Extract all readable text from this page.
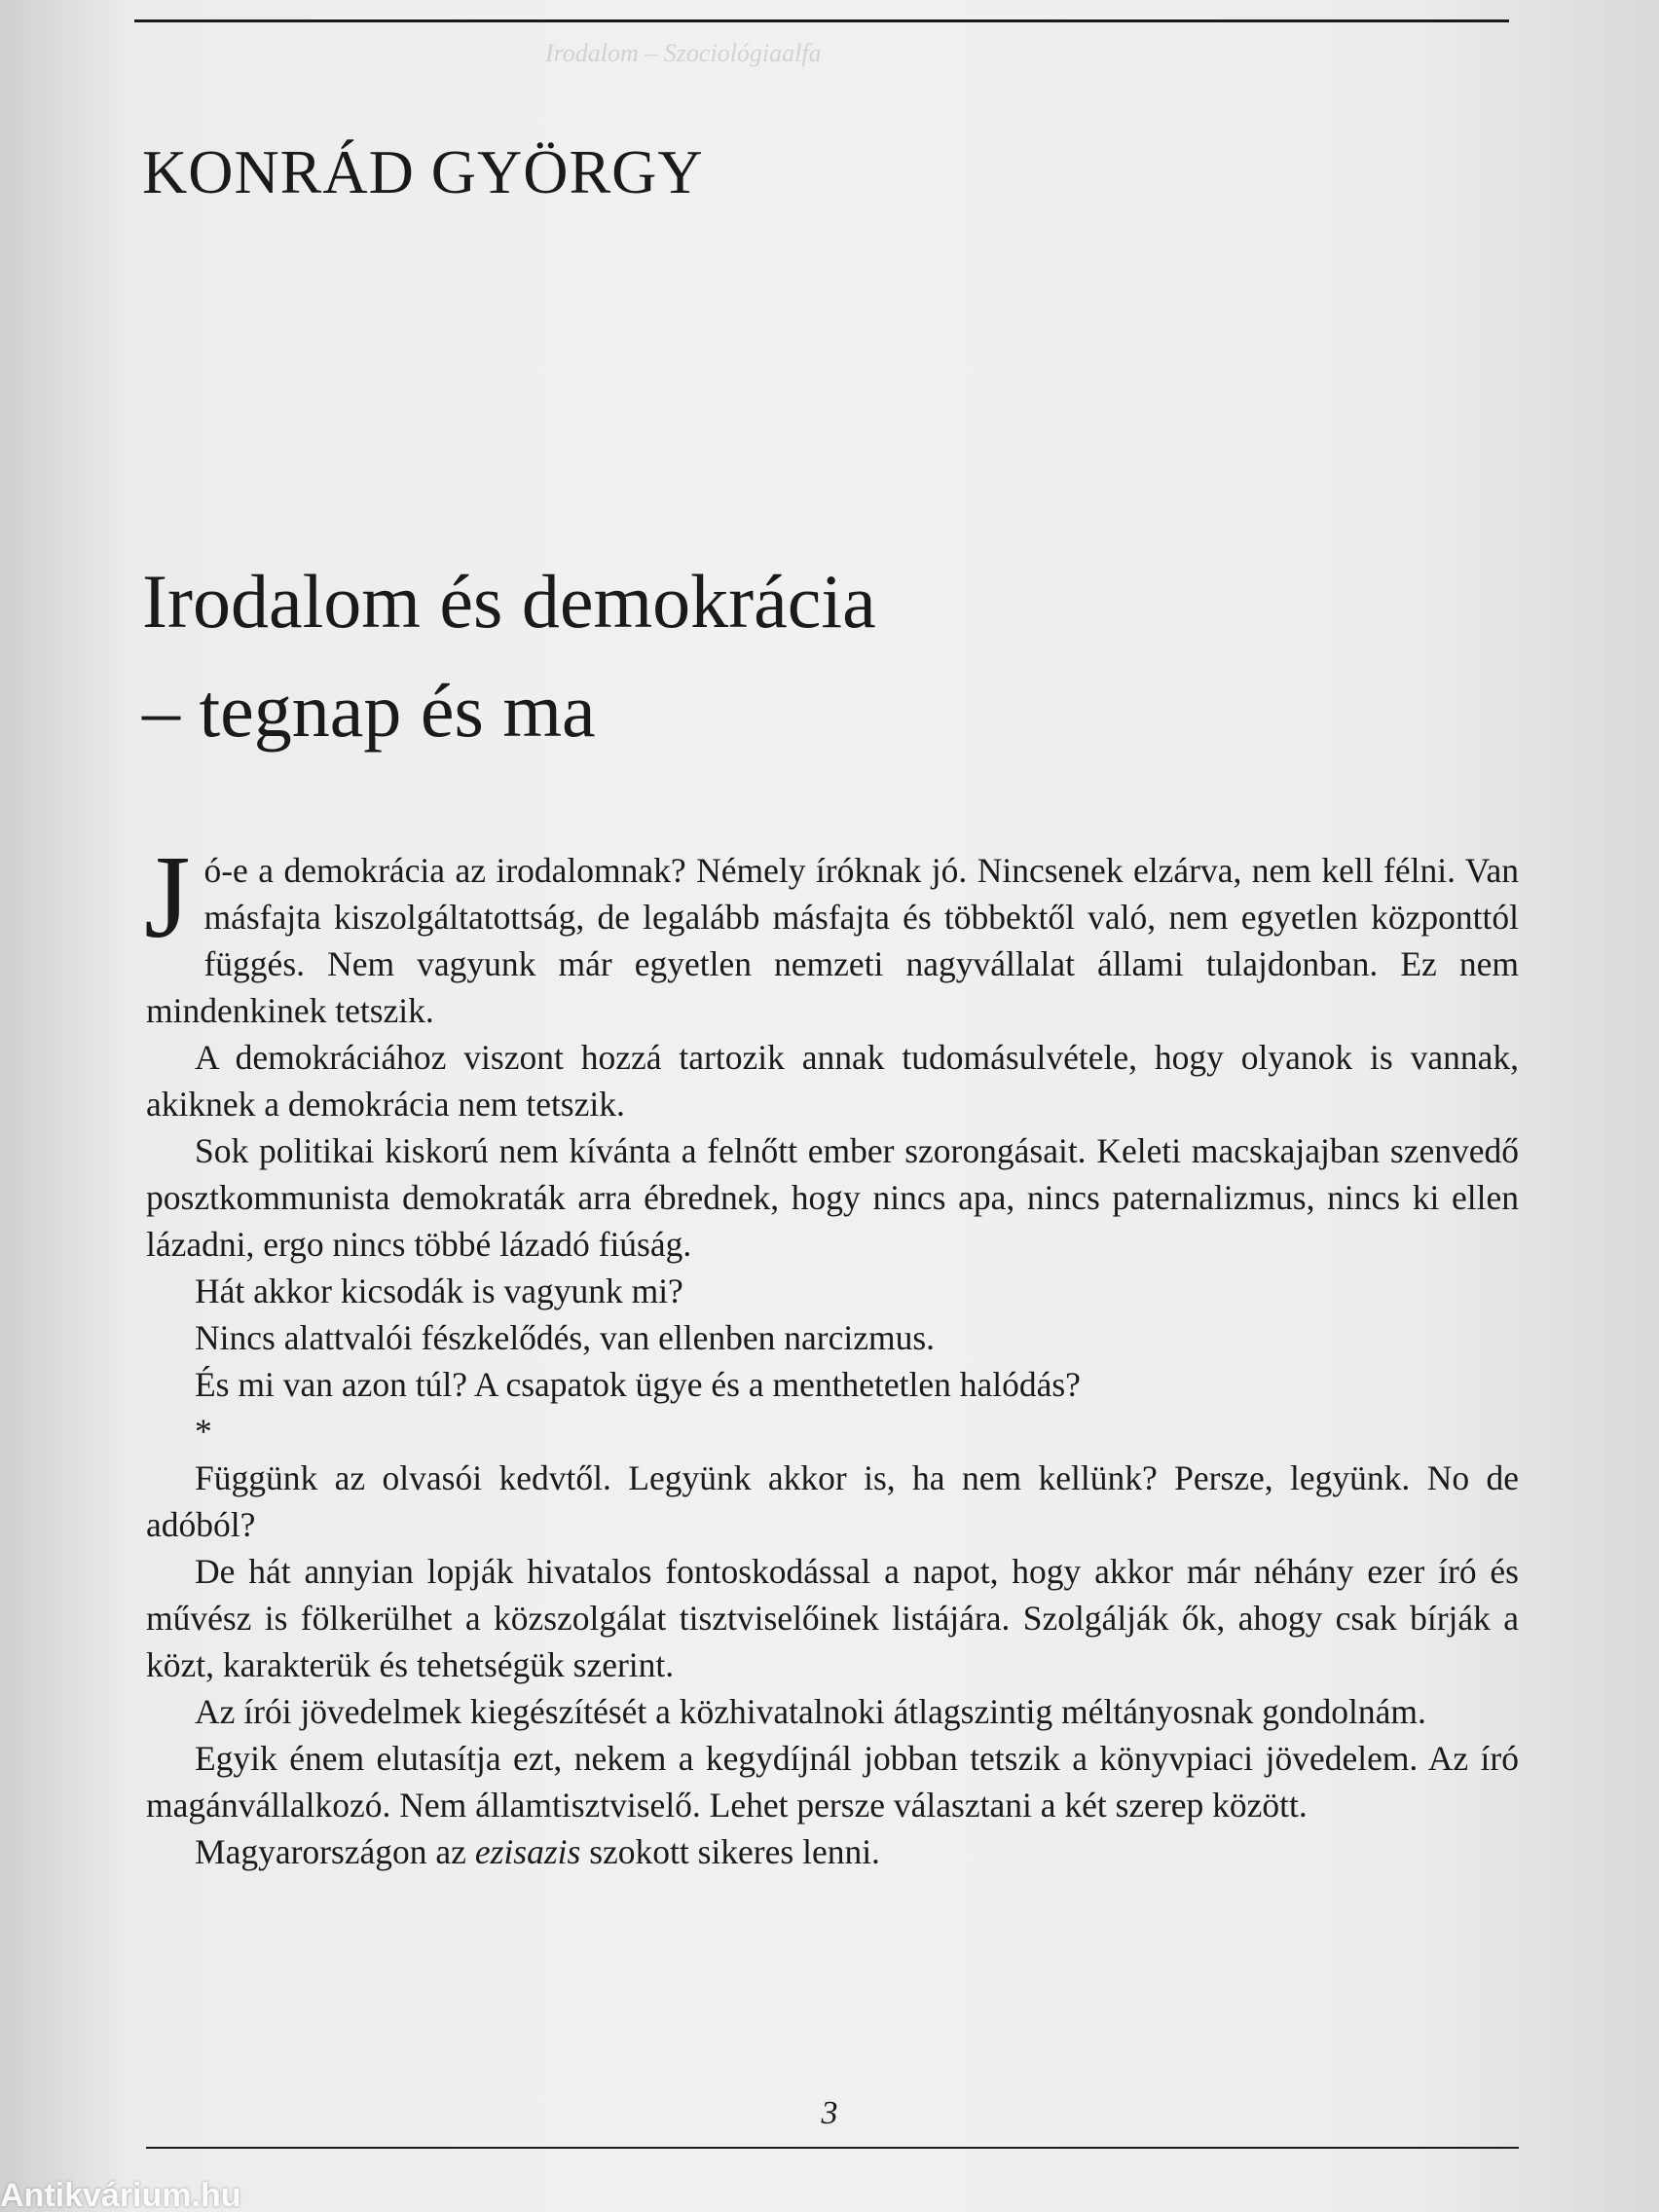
Irodalom – Szociológiaalfa
KONRÁD GYÖRGY
Irodalom és demokrácia
– tegnap és ma

Jó-e a demokrácia az irodalomnak? Némely íróknak jó. Nincsenek elzárva, nem kell félni. Van másfajta kiszolgáltatottság, de legalább másfajta és többektől való, nem egyetlen központtól függés. Nem vagyunk már egyetlen nemzeti nagyvállalat állami tulajdonban. Ez nem mindenkinek tetszik.

A demokráciához viszont hozzá tartozik annak tudomásulvétele, hogy olyanok is vannak, akiknek a demokrácia nem tetszik.

Sok politikai kiskorú nem kívánta a felnőtt ember szorongásait. Keleti macskajajban szenvedő posztkommunista demokraták arra ébrednek, hogy nincs apa, nincs paternalizmus, nincs ki ellen lázadni, ergo nincs többé lázadó fiúság.

Hát akkor kicsodák is vagyunk mi?

Nincs alattvalói fészkelődés, van ellenben narcizmus.

És mi van azon túl? A csapatok ügye és a menthetetlen halódás?

*

Függünk az olvasói kedvtől. Legyünk akkor is, ha nem kellünk? Persze, legyünk. No de adóból?

De hát annyian lopják hivatalos fontoskodással a napot, hogy akkor már néhány ezer író és művész is fölkerülhet a közszolgálat tisztviselőinek listájára. Szolgálják ők, ahogy csak bírják a közt, karakterük és tehetségük szerint.

Az írói jövedelmek kiegészítését a közhivatalnoki átlagszintig méltányosnak gondolnám.

Egyik énem elutasítja ezt, nekem a kegydíjnál jobban tetszik a könyvpiaci jövedelem. Az író magánvállalkozó. Nem államtisztviselő. Lehet persze választani a két szerep között.

Magyarországon az ezisazis szokott sikeres lenni.

3
Antikvárium.hu
